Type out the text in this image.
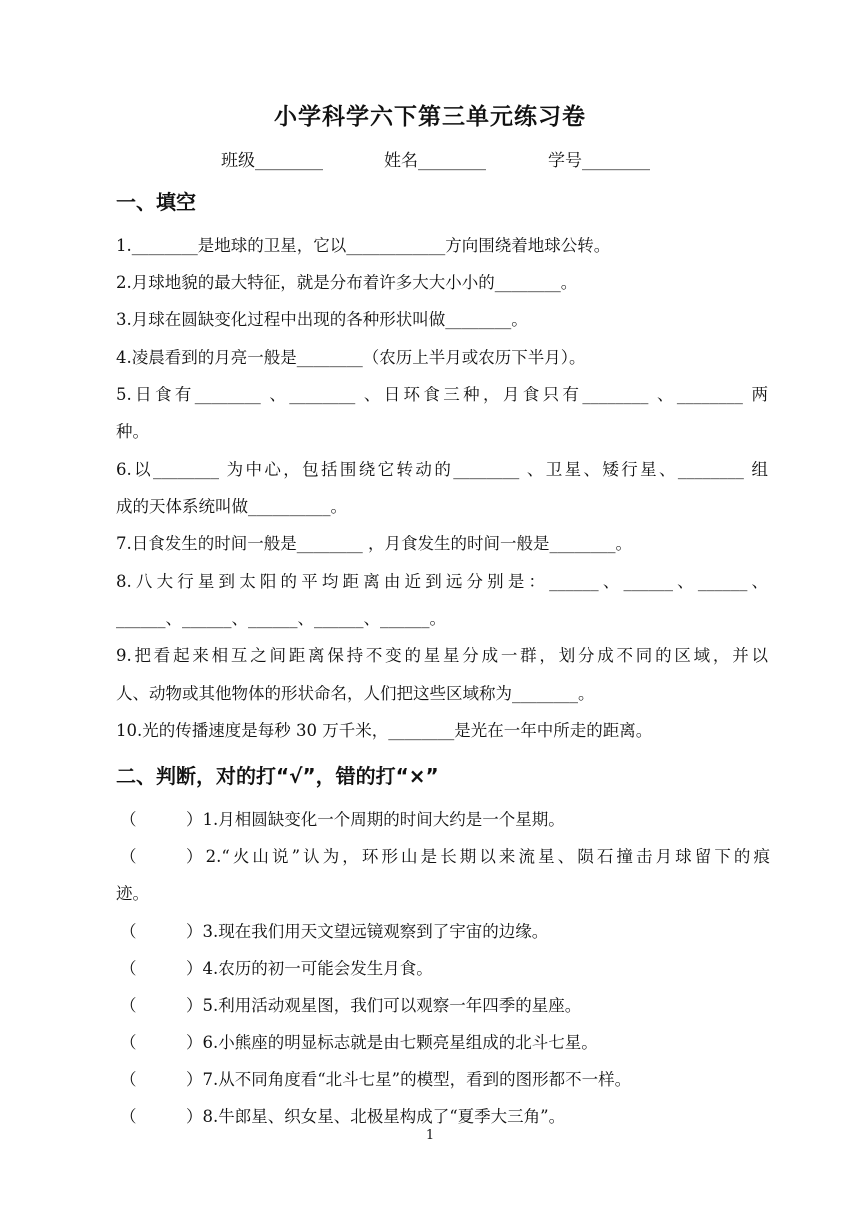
小学科学六下第三单元练习卷
班级________	姓名________	学号________
一、填空
1.________是地球的卫星，它以____________方向围绕着地球公转。
2.月球地貌的最大特征，就是分布着许多大大小小的________。
3.月球在圆缺变化过程中出现的各种形状叫做________。
4.凌晨看到的月亮一般是________（农历上半月或农历下半月）。
5.日食有________ 、________ 、日环食三种，月食只有________ 、________ 两
种。
6.以________ 为中心，包括围绕它转动的________ 、卫星、矮行星、________ 组
成的天体系统叫做__________。
7.日食发生的时间一般是________ ，月食发生的时间一般是________。
8.八大行星到太阳的平均距离由近到远分别是：______、______、______、
______、______、______、______、______。
9.把看起来相互之间距离保持不变的星星分成一群，划分成不同的区域，并以
人、动物或其他物体的形状命名，人们把这些区域称为________。
10.光的传播速度是每秒 30 万千米，________是光在一年中所走的距离。
二、判断，对的打“√”，错的打“×”
（	）1.月相圆缺变化一个周期的时间大约是一个星期。
（	）2.“火山说”认为，环形山是长期以来流星、陨石撞击月球留下的痕
迹。
（	）3.现在我们用天文望远镜观察到了宇宙的边缘。
（	）4.农历的初一可能会发生月食。
（	）5.利用活动观星图，我们可以观察一年四季的星座。
（	）6.小熊座的明显标志就是由七颗亮星组成的北斗七星。
（	）7.从不同角度看“北斗七星”的模型，看到的图形都不一样。
（	）8.牛郎星、织女星、北极星构成了“夏季大三角”。
1
